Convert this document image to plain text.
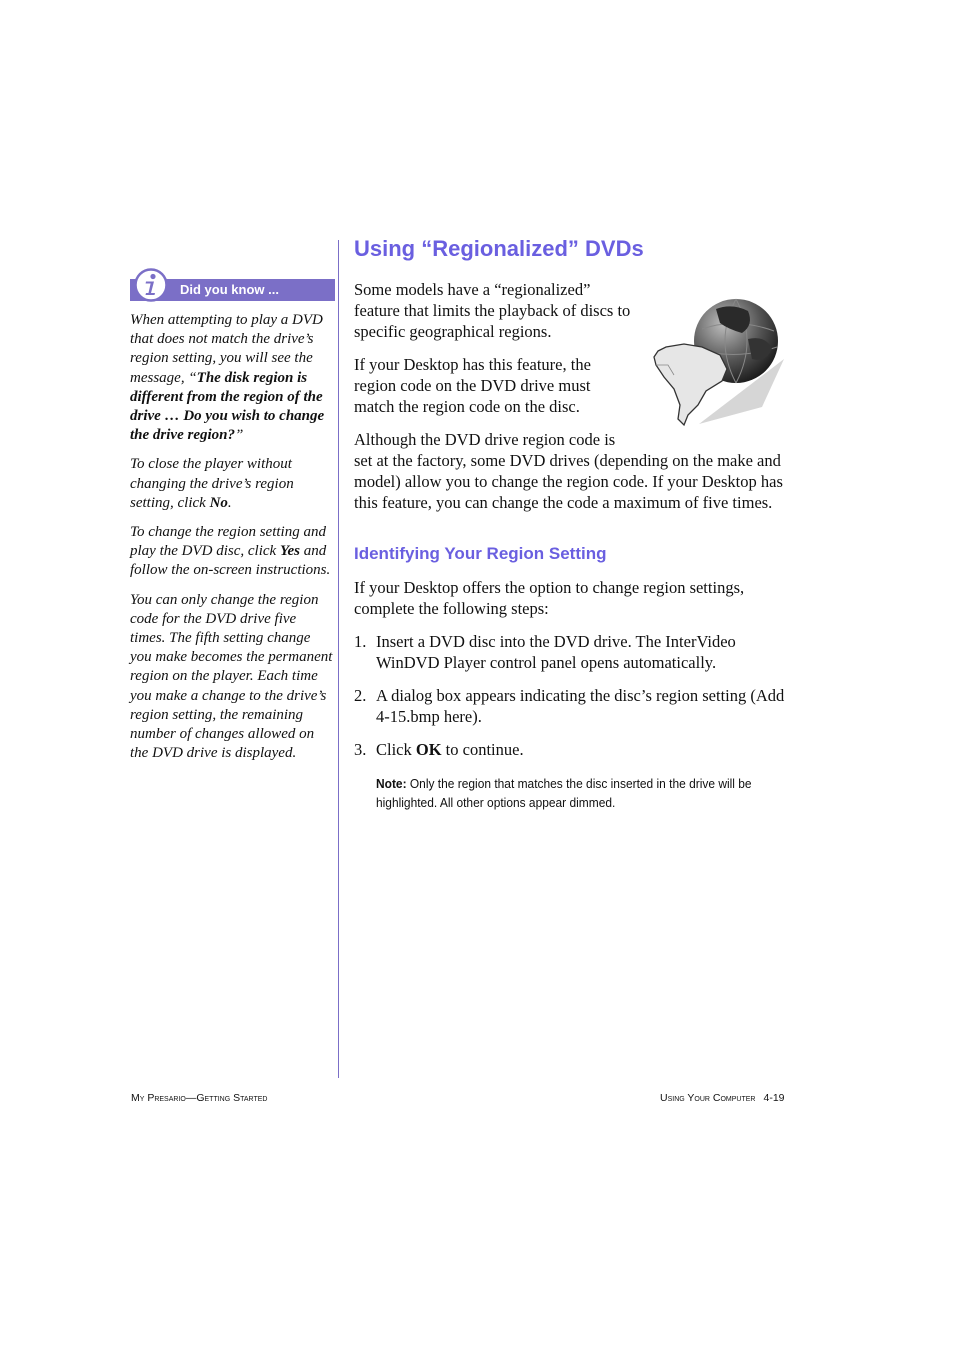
Did you know ...

When attempting to play a DVD that does not match the drive’s region setting, you will see the message, “The disk region is different from the region of the drive … Do you wish to change the drive region?”

To close the player without changing the drive’s region setting, click No.

To change the region setting and play the DVD disc, click Yes and follow the on-screen instructions.

You can only change the region code for the DVD drive five times. The fifth setting change you make becomes the permanent region on the player. Each time you make a change to the drive’s region setting, the remaining number of changes allowed on the DVD drive is displayed.

Using “Regionalized” DVDs

Some models have a “regionalized” feature that limits the playback of discs to specific geographical regions.

If your Desktop has this feature, the region code on the DVD drive must match the region code on the disc.

Although the DVD drive region code is set at the factory, some DVD drives (depending on the make and model) allow you to change the region code. If your Desktop has this feature, you can change the code a maximum of five times.

Identifying Your Region Setting

If your Desktop offers the option to change region settings, complete the following steps:

1. Insert a DVD disc into the DVD drive. The InterVideo WinDVD Player control panel opens automatically.
2. A dialog box appears indicating the disc’s region setting (Add 4-15.bmp here).
3. Click OK to continue.
Note: Only the region that matches the disc inserted in the drive will be highlighted. All other options appear dimmed.
My Presario—Getting Started	Using Your Computer 4-19
